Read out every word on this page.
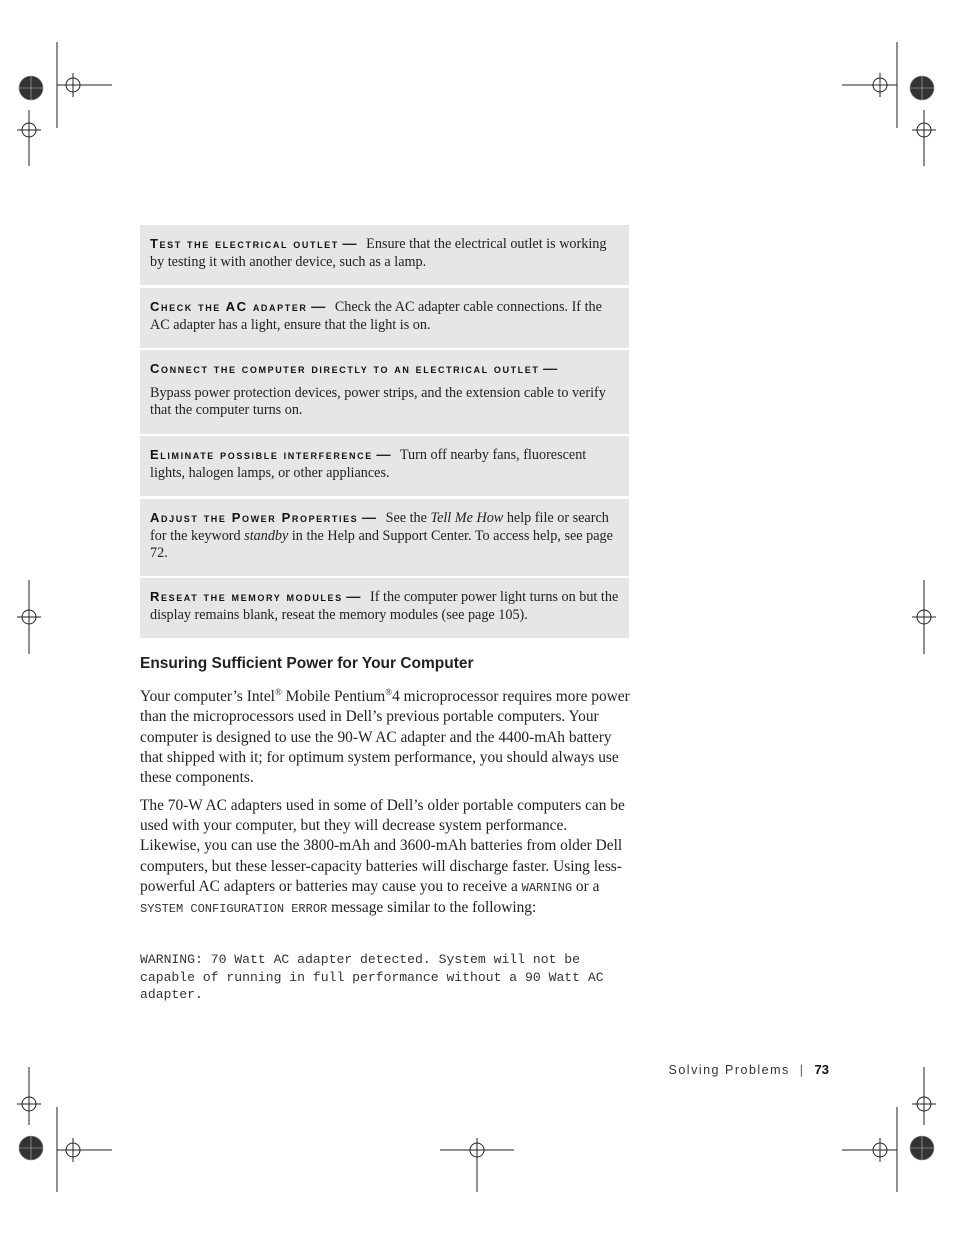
Test the electrical outlet — Ensure that the electrical outlet is working by testing it with another device, such as a lamp.
Check the AC adapter — Check the AC adapter cable connections. If the AC adapter has a light, ensure that the light is on.
Connect the computer directly to an electrical outlet —
Bypass power protection devices, power strips, and the extension cable to verify that the computer turns on.
Eliminate possible interference — Turn off nearby fans, fluorescent lights, halogen lamps, or other appliances.
Adjust the Power Properties — See the Tell Me How help file or search for the keyword standby in the Help and Support Center. To access help, see page 72.
Reseat the memory modules — If the computer power light turns on but the display remains blank, reseat the memory modules (see page 105).
Ensuring Sufficient Power for Your Computer

Your computer’s Intel® Mobile Pentium®4 microprocessor requires more power than the microprocessors used in Dell’s previous portable computers. Your computer is designed to use the 90-W AC adapter and the 4400-mAh battery that shipped with it; for optimum system performance, you should always use these components.

The 70-W AC adapters used in some of Dell’s older portable computers can be used with your computer, but they will decrease system performance. Likewise, you can use the 3800-mAh and 3600-mAh batteries from older Dell computers, but these lesser-capacity batteries will discharge faster. Using less-powerful AC adapters or batteries may cause you to receive a WARNING or a SYSTEM CONFIGURATION ERROR message similar to the following:

WARNING: 70 Watt AC adapter detected. System will not be capable of running in full performance without a 90 Watt AC adapter.

Solving Problems | 73
